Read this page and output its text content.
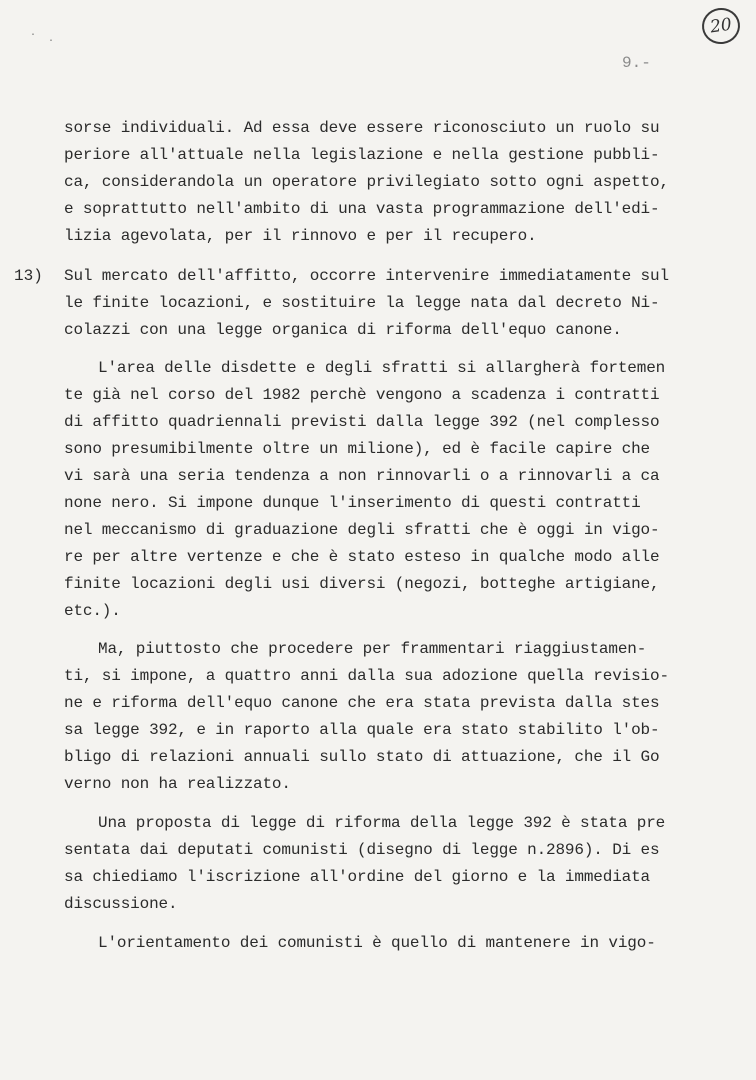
20
.
.
9.-
sorse individuali. Ad essa deve essere riconosciuto un ruolo su
periore all'attuale nella legislazione e nella gestione pubbli-
ca, considerandola un operatore privilegiato sotto ogni aspetto,
e soprattutto nell'ambito di una vasta programmazione dell'edi-
lizia agevolata, per il rinnovo e per il recupero.
13) Sul mercato dell'affitto, occorre intervenire immediatamente sul
le finite locazioni, e sostituire la legge nata dal decreto Ni-
colazzi con una legge organica di riforma dell'equo canone.
L'area delle disdette e degli sfratti si allargherà fortemen
te già nel corso del 1982 perchè vengono a scadenza i contratti
di affitto quadriennali previsti dalla legge 392 (nel complesso
sono presumibilmente oltre un milione), ed è facile capire che
vi sarà una seria tendenza a non rinnovarli o a rinnovarli a ca
none nero. Si impone dunque l'inserimento di questi contratti
nel meccanismo di graduazione degli sfratti che è oggi in vigo-
re per altre vertenze e che è stato esteso in qualche modo alle
finite locazioni degli usi diversi (negozi, botteghe artigiane,
etc.).
Ma, piuttosto che procedere per frammentari riaggiustamen-
ti, si impone, a quattro anni dalla sua adozione quella revisio-
ne e riforma dell'equo canone che era stata prevista dalla stes
sa legge 392, e in raporto alla quale era stato stabilito l'ob-
bligo di relazioni annuali sullo stato di attuazione, che il Go
verno non ha realizzato.
Una proposta di legge di riforma della legge 392 è stata pre
sentata dai deputati comunisti (disegno di legge n.2896). Di es
sa chiediamo l'iscrizione all'ordine del giorno e la immediata
discussione.
L'orientamento dei comunisti è quello di mantenere in vigo-
